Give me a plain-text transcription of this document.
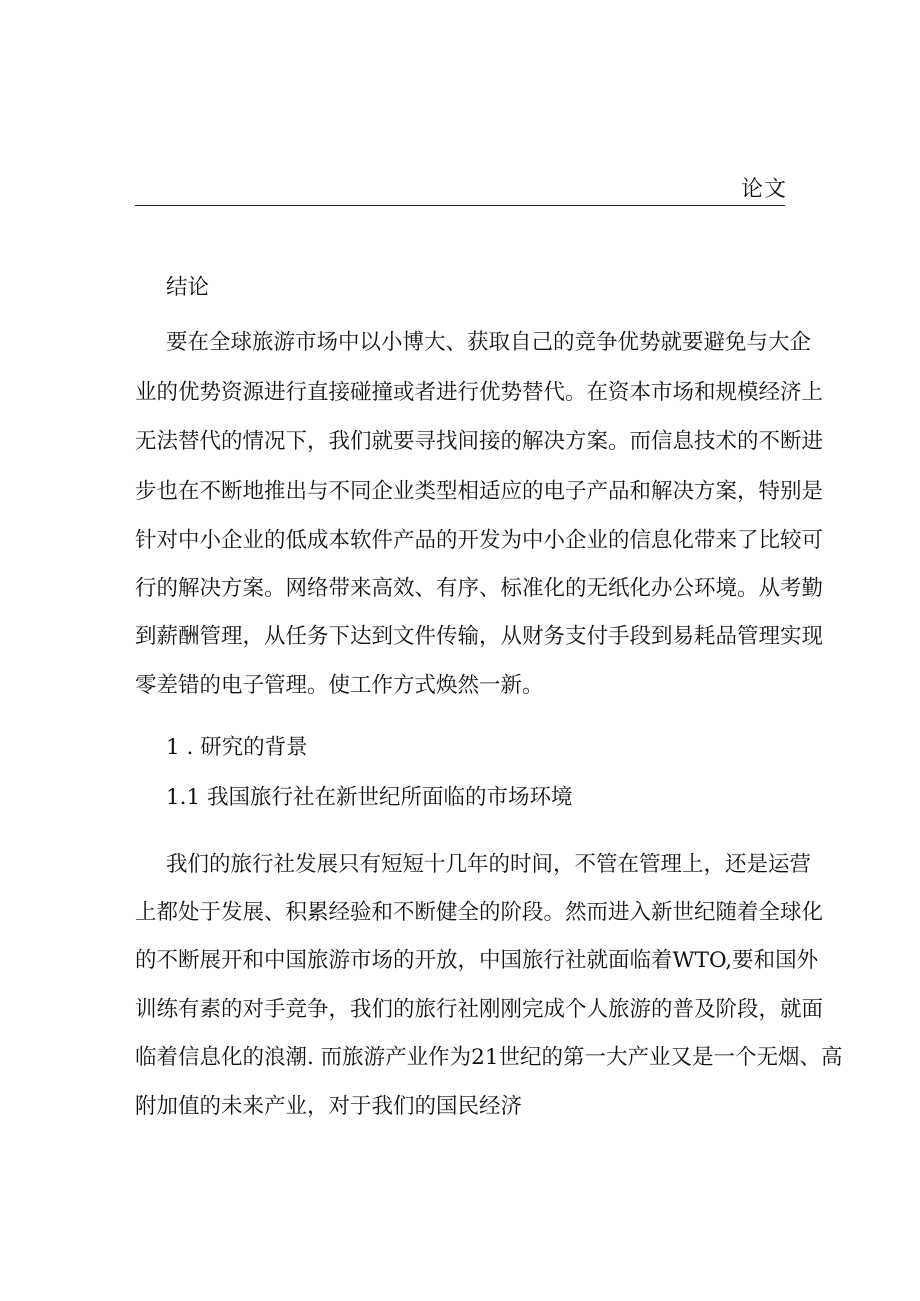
论文
结论
要在全球旅游市场中以小博大、获取自己的竞争优势就要避免与大企
业的优势资源进行直接碰撞或者进行优势替代。在资本市场和规模经济上
无法替代的情况下，我们就要寻找间接的解决方案。而信息技术的不断进
步也在不断地推出与不同企业类型相适应的电子产品和解决方案，特别是
针对中小企业的低成本软件产品的开发为中小企业的信息化带来了比较可
行的解决方案。网络带来高效、有序、标准化的无纸化办公环境。从考勤
到薪酬管理，从任务下达到文件传输，从财务支付手段到易耗品管理实现
零差错的电子管理。使工作方式焕然一新。
1 . 研究的背景
1.1 我国旅行社在新世纪所面临的市场环境
我们的旅行社发展只有短短十几年的时间，不管在管理上，还是运营
上都处于发展、积累经验和不断健全的阶段。然而进入新世纪随着全球化
的不断展开和中国旅游市场的开放，中国旅行社就面临着WTO,要和国外
训练有素的对手竞争，我们的旅行社刚刚完成个人旅游的普及阶段，就面
临着信息化的浪潮. 而旅游产业作为21世纪的第一大产业又是一个无烟、高
附加值的未来产业，对于我们的国民经济
